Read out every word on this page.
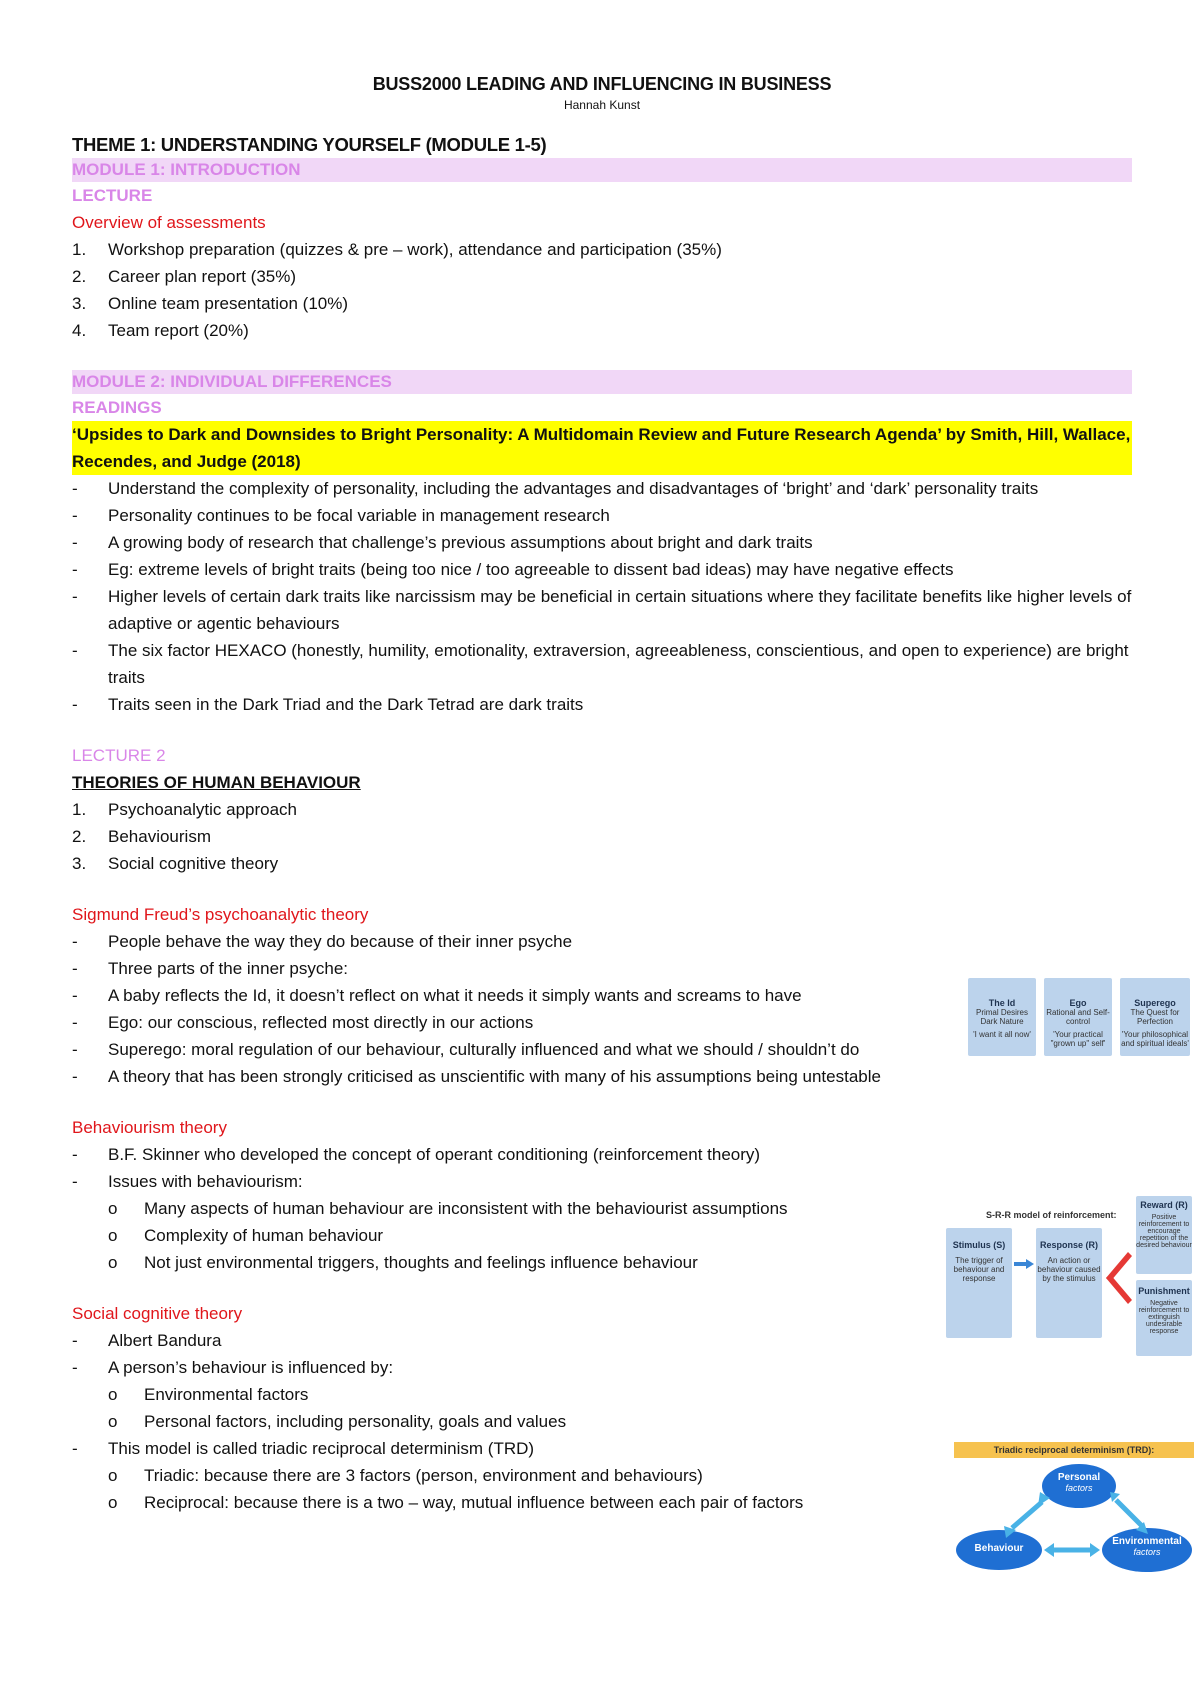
BUSS2000 LEADING AND INFLUENCING IN BUSINESS
Hannah Kunst
THEME 1: UNDERSTANDING YOURSELF (MODULE 1-5)
MODULE 1: INTRODUCTION
LECTURE
Overview of assessments
1.	Workshop preparation (quizzes & pre – work), attendance and participation (35%)
2.	Career plan report (35%)
3.	Online team presentation (10%)
4.	Team report (20%)
MODULE 2: INDIVIDUAL DIFFERENCES
READINGS
‘Upsides to Dark and Downsides to Bright Personality: A Multidomain Review and Future Research Agenda’ by Smith, Hill, Wallace, Recendes, and Judge (2018)
-	Understand the complexity of personality, including the advantages and disadvantages of ‘bright’ and ‘dark’ personality traits
-	Personality continues to be focal variable in management research
-	A growing body of research that challenge’s previous assumptions about bright and dark traits
-	Eg: extreme levels of bright traits (being too nice / too agreeable to dissent bad ideas) may have negative effects
-	Higher levels of certain dark traits like narcissism may be beneficial in certain situations where they facilitate benefits like higher levels of adaptive or agentic behaviours
-	The six factor HEXACO (honestly, humility, emotionality, extraversion, agreeableness, conscientious, and open to experience) are bright traits
-	Traits seen in the Dark Triad and the Dark Tetrad are dark traits
LECTURE 2
THEORIES OF HUMAN BEHAVIOUR
1.	Psychoanalytic approach
2.	Behaviourism
3.	Social cognitive theory
Sigmund Freud’s psychoanalytic theory
-	People behave the way they do because of their inner psyche
-	Three parts of the inner psyche:
-	A baby reflects the Id, it doesn’t reflect on what it needs it simply wants and screams to have
-	Ego: our conscious, reflected most directly in our actions
-	Superego: moral regulation of our behaviour, culturally influenced and what we should / shouldn’t do
-	A theory that has been strongly criticised as unscientific with many of his assumptions being untestable
Behaviourism theory
-	B.F. Skinner who developed the concept of operant conditioning (reinforcement theory)
-	Issues with behaviourism:
o	Many aspects of human behaviour are inconsistent with the behaviourist assumptions
o	Complexity of human behaviour
o	Not just environmental triggers, thoughts and feelings influence behaviour
Social cognitive theory
-	Albert Bandura
-	A person’s behaviour is influenced by:
o	Environmental factors
o	Personal factors, including personality, goals and values
-	This model is called triadic reciprocal determinism (TRD)
o	Triadic: because there are 3 factors (person, environment and behaviours)
o	Reciprocal: because there is a two – way, mutual influence between each pair of factors
The Id
Primal Desires Dark Nature
'I want it all now'
Ego
Rational and Self-control
'Your practical "grown up" self'
Superego
The Quest for Perfection
'Your philosophical and spiritual ideals'
S-R-R model of reinforcement:
Stimulus (S)
The trigger of behaviour and response
Response (R)
An action or behaviour caused by the stimulus
Reward (R)
Positive reinforcement to encourage repetition of the desired behaviour
Punishment
Negative reinforcement to extinguish undesirable response
Triadic reciprocal determinism (TRD):
Personal
factors
Behaviour
Environmental
factors
